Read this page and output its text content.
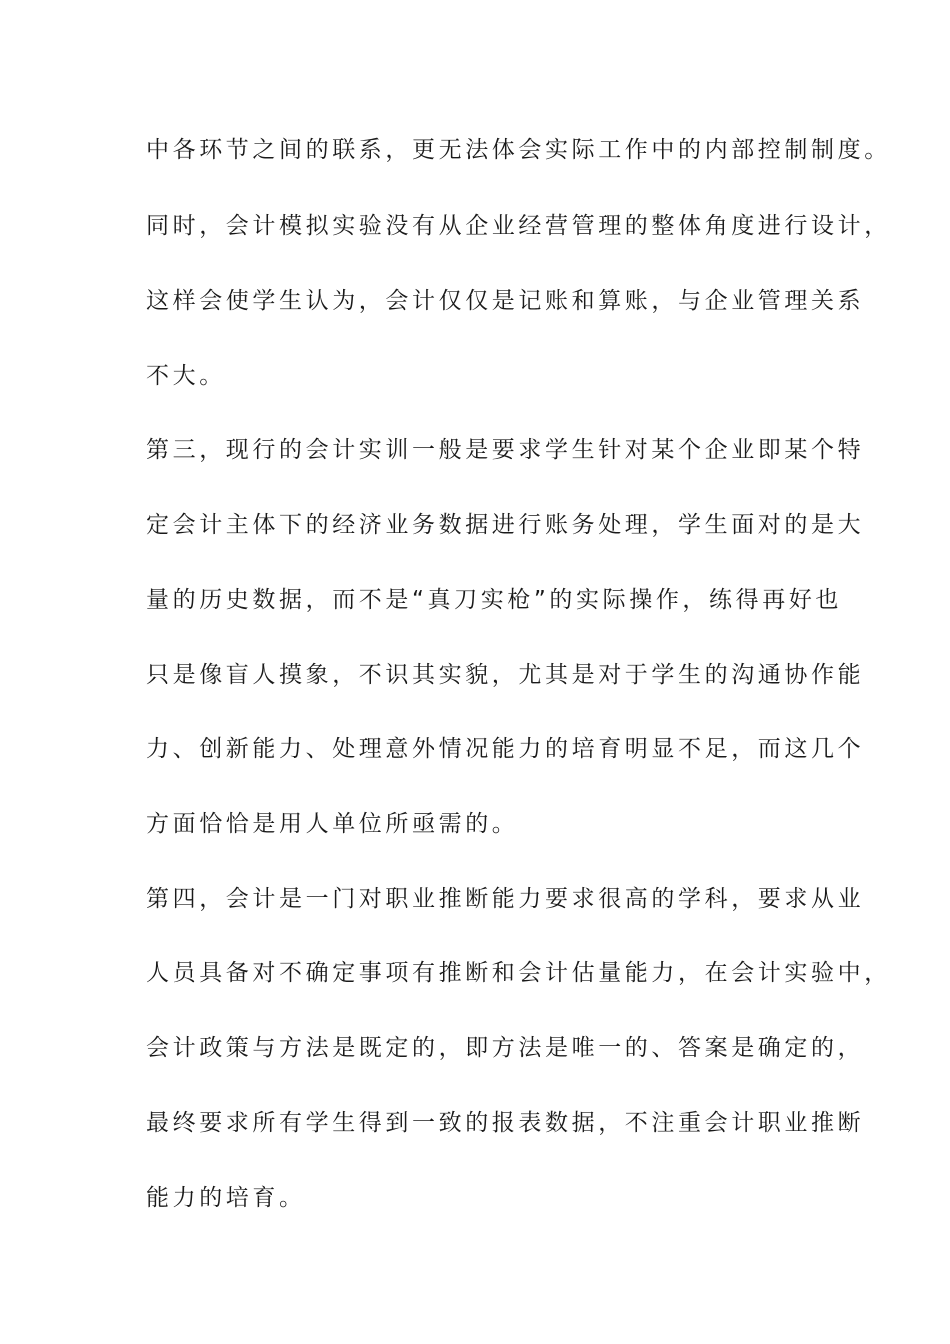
中各环节之间的联系，更无法体会实际工作中的内部控制制度。
同时，会计模拟实验没有从企业经营管理的整体角度进行设计，
这样会使学生认为，会计仅仅是记账和算账，与企业管理关系
不大。
第三，现行的会计实训一般是要求学生针对某个企业即某个特
定会计主体下的经济业务数据进行账务处理，学生面对的是大
量的历史数据，而不是“真刀实枪”的实际操作，练得再好也
只是像盲人摸象，不识其实貌，尤其是对于学生的沟通协作能
力、创新能力、处理意外情况能力的培育明显不足，而这几个
方面恰恰是用人单位所亟需的。
第四，会计是一门对职业推断能力要求很高的学科，要求从业
人员具备对不确定事项有推断和会计估量能力，在会计实验中，
会计政策与方法是既定的，即方法是唯一的、答案是确定的，
最终要求所有学生得到一致的报表数据，不注重会计职业推断
能力的培育。
